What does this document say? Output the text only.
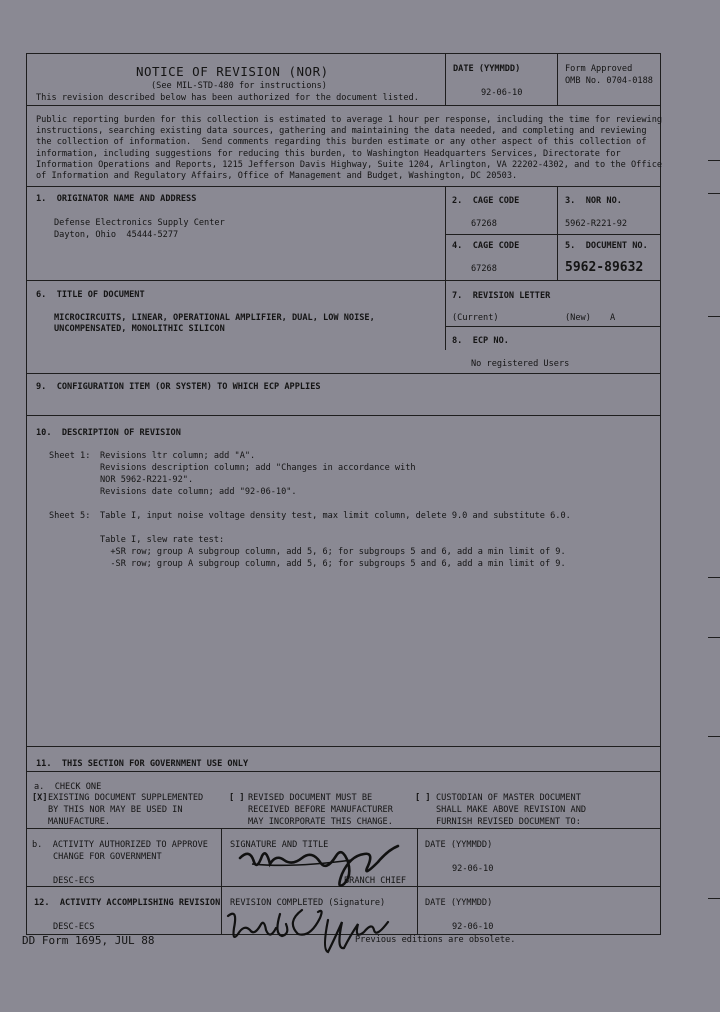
NOTICE OF REVISION (NOR)
(See MIL-STD-480 for instructions)
This revision described below has been authorized for the document listed.
DATE (YYMMDD)
92-06-10
Form Approved
OMB No. 0704-0188
Public reporting burden for this collection is estimated to average 1 hour per response, including the time for reviewing
instructions, searching existing data sources, gathering and maintaining the data needed, and completing and reviewing
the collection of information.  Send comments regarding this burden estimate or any other aspect of this collection of
information, including suggestions for reducing this burden, to Washington Headquarters Services, Directorate for
Information Operations and Reports, 1215 Jefferson Davis Highway, Suite 1204, Arlington, VA 22202-4302, and to the Office
of Information and Regulatory Affairs, Office of Management and Budget, Washington, DC 20503.
1.  ORIGINATOR NAME AND ADDRESS
Defense Electronics Supply Center
Dayton, Ohio  45444-5277
2.  CAGE CODE
67268
3.  NOR NO.
5962-R221-92
4.  CAGE CODE
67268
5.  DOCUMENT NO.
5962-89632
6.  TITLE OF DOCUMENT
MICROCIRCUITS, LINEAR, OPERATIONAL AMPLIFIER, DUAL, LOW NOISE,
UNCOMPENSATED, MONOLITHIC SILICON
7.  REVISION LETTER
(Current)	(New) A
8.  ECP NO.
No registered Users
9.  CONFIGURATION ITEM (OR SYSTEM) TO WHICH ECP APPLIES
10.  DESCRIPTION OF REVISION
Sheet 1: Revisions ltr column; add "A".
Revisions description column; add "Changes in accordance with
NOR 5962-R221-92".
Revisions date column; add "92-06-10".
Sheet 5: Table I, input noise voltage density test, max limit column, delete 9.0 and substitute 6.0.
Table I, slew rate test:
+SR row; group A subgroup column, add 5, 6; for subgroups 5 and 6, add a min limit of 9.
-SR row; group A subgroup column, add 5, 6; for subgroups 5 and 6, add a min limit of 9.
11.  THIS SECTION FOR GOVERNMENT USE ONLY
a.  CHECK ONE
[X] EXISTING DOCUMENT SUPPLEMENTED
BY THIS NOR MAY BE USED IN
MANUFACTURE.
[ ] REVISED DOCUMENT MUST BE
RECEIVED BEFORE MANUFACTURER
MAY INCORPORATE THIS CHANGE.
[ ] CUSTODIAN OF MASTER DOCUMENT
SHALL MAKE ABOVE REVISION AND
FURNISH REVISED DOCUMENT TO:
b.  ACTIVITY AUTHORIZED TO APPROVE
CHANGE FOR GOVERNMENT
DESC-ECS
SIGNATURE AND TITLE
BRANCH CHIEF
DATE (YYMMDD)
92-06-10
12.  ACTIVITY ACCOMPLISHING REVISION
DESC-ECS
REVISION COMPLETED (Signature)	DATE (YYMMDD)
92-06-10
DD Form 1695, JUL 88	Previous editions are obsolete.
